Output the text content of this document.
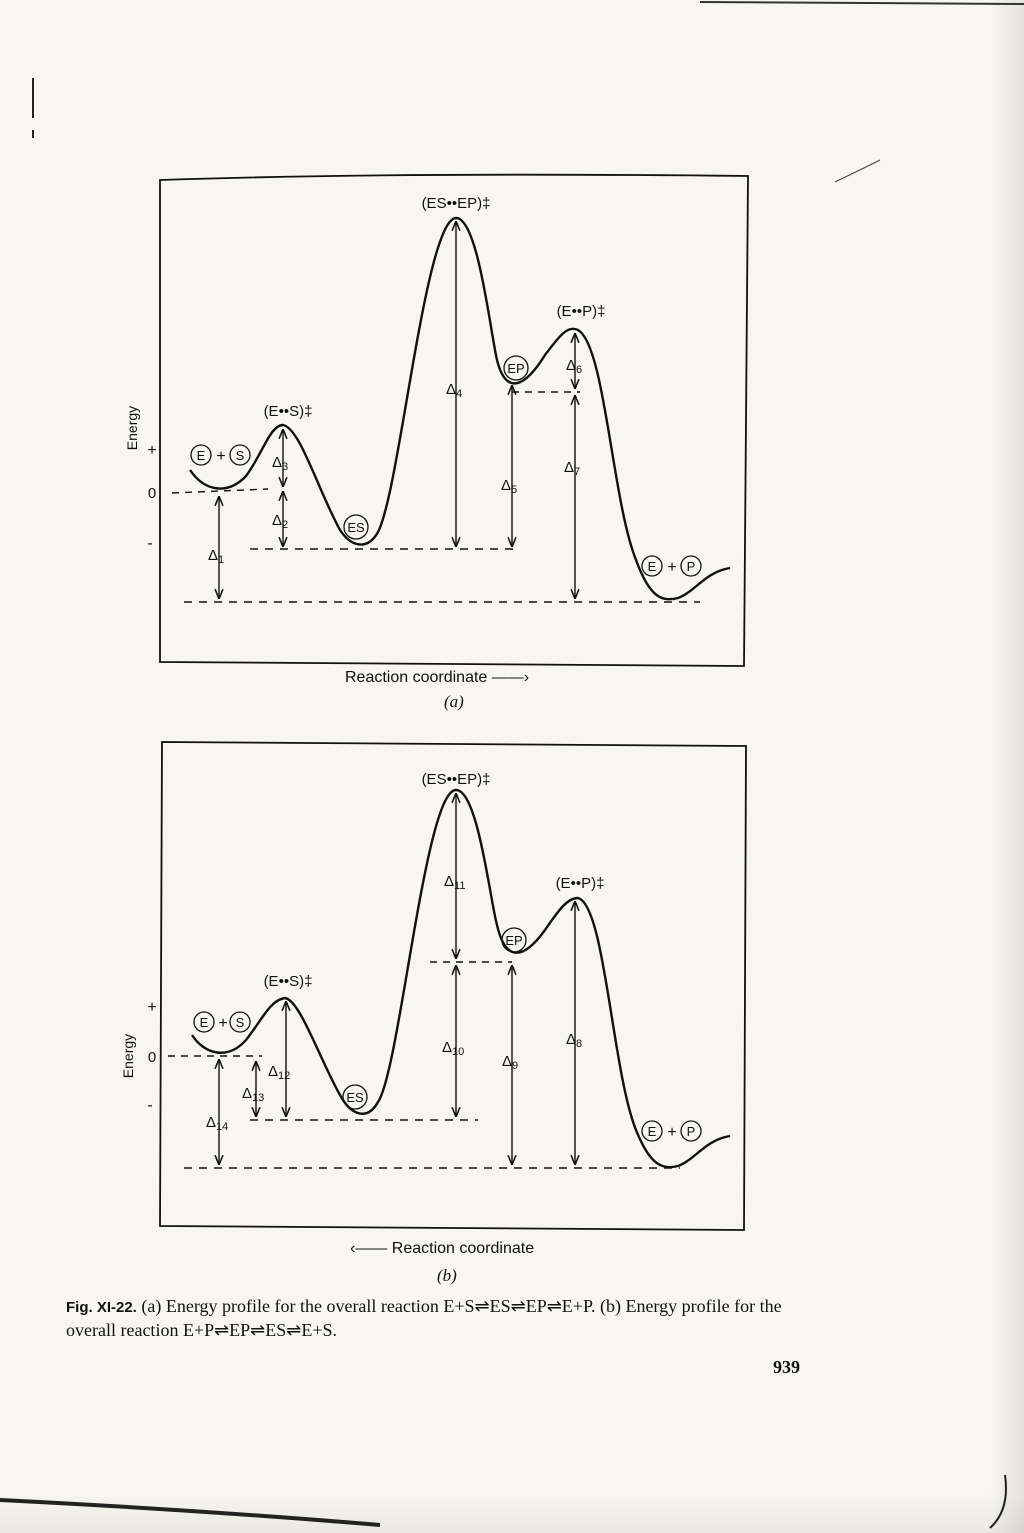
(ES••EP)‡
(E••P)‡
(E••S)‡
E + S
ES
EP
E + P
$\Delta_1$
$\Delta_2$
$\Delta_3$
$\Delta_4$
$\Delta_5$
$\Delta_6$
$\Delta_7$
Energy
+
0
-
(ES••EP)‡
(E••P)‡
(E••S)‡
E + S
ES
EP
E + P
$\Delta_8$
$\Delta_9$
$\Delta_{10}$
$\Delta_{11}$
$\Delta_{12}$
$\Delta_{13}$
$\Delta_{14}$
Energy
+
0
-
Reaction coordinate ——›
(a)
‹—— Reaction coordinate
(b)
Fig. XI-22. (a) Energy profile for the overall reaction E+S⇌ES⇌EP⇌E+P. (b) Energy profile for the overall reaction E+P⇌EP⇌ES⇌E+S.
939
